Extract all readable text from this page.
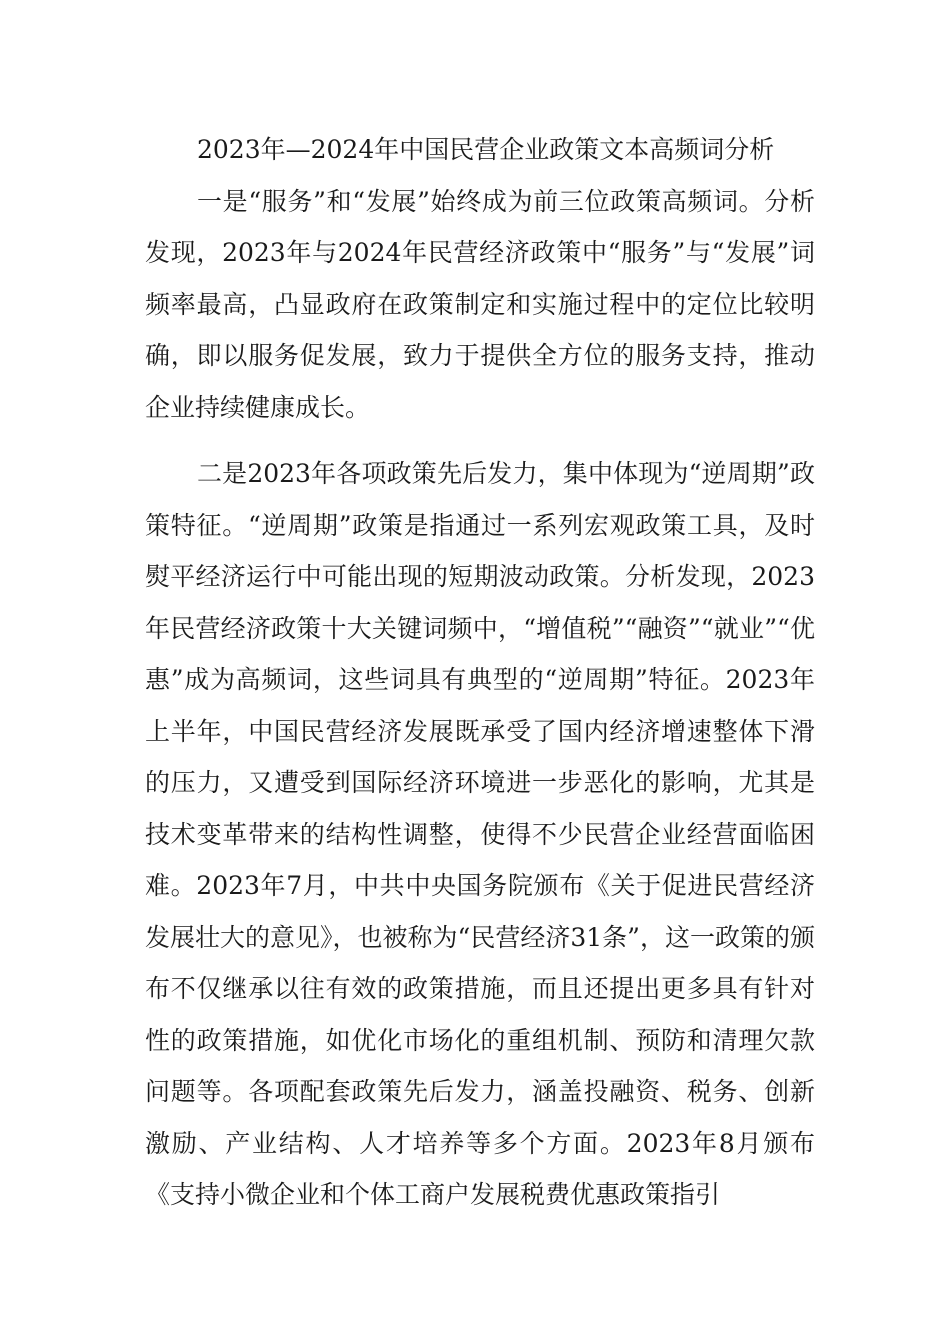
2023年—2024年中国民营企业政策文本高频词分析

一是“服务”和“发展”始终成为前三位政策高频词。分析发现，2023年与2024年民营经济政策中“服务”与“发展”词频率最高，凸显政府在政策制定和实施过程中的定位比较明确，即以服务促发展，致力于提供全方位的服务支持，推动企业持续健康成长。

二是2023年各项政策先后发力，集中体现为“逆周期”政策特征。“逆周期”政策是指通过一系列宏观政策工具，及时熨平经济运行中可能出现的短期波动政策。分析发现，2023年民营经济政策十大关键词频中，“增值税”“融资”“就业”“优惠”成为高频词，这些词具有典型的“逆周期”特征。2023年上半年，中国民营经济发展既承受了国内经济增速整体下滑的压力，又遭受到国际经济环境进一步恶化的影响，尤其是技术变革带来的结构性调整，使得不少民营企业经营面临困难。2023年7月，中共中央国务院颁布《关于促进民营经济发展壮大的意见》，也被称为“民营经济31条”，这一政策的颁布不仅继承以往有效的政策措施，而且还提出更多具有针对性的政策措施，如优化市场化的重组机制、预防和清理欠款问题等。各项配套政策先后发力，涵盖投融资、税务、创新激励、产业结构、人才培养等多个方面。2023年8月颁布《支持小微企业和个体工商户发展税费优惠政策指引
